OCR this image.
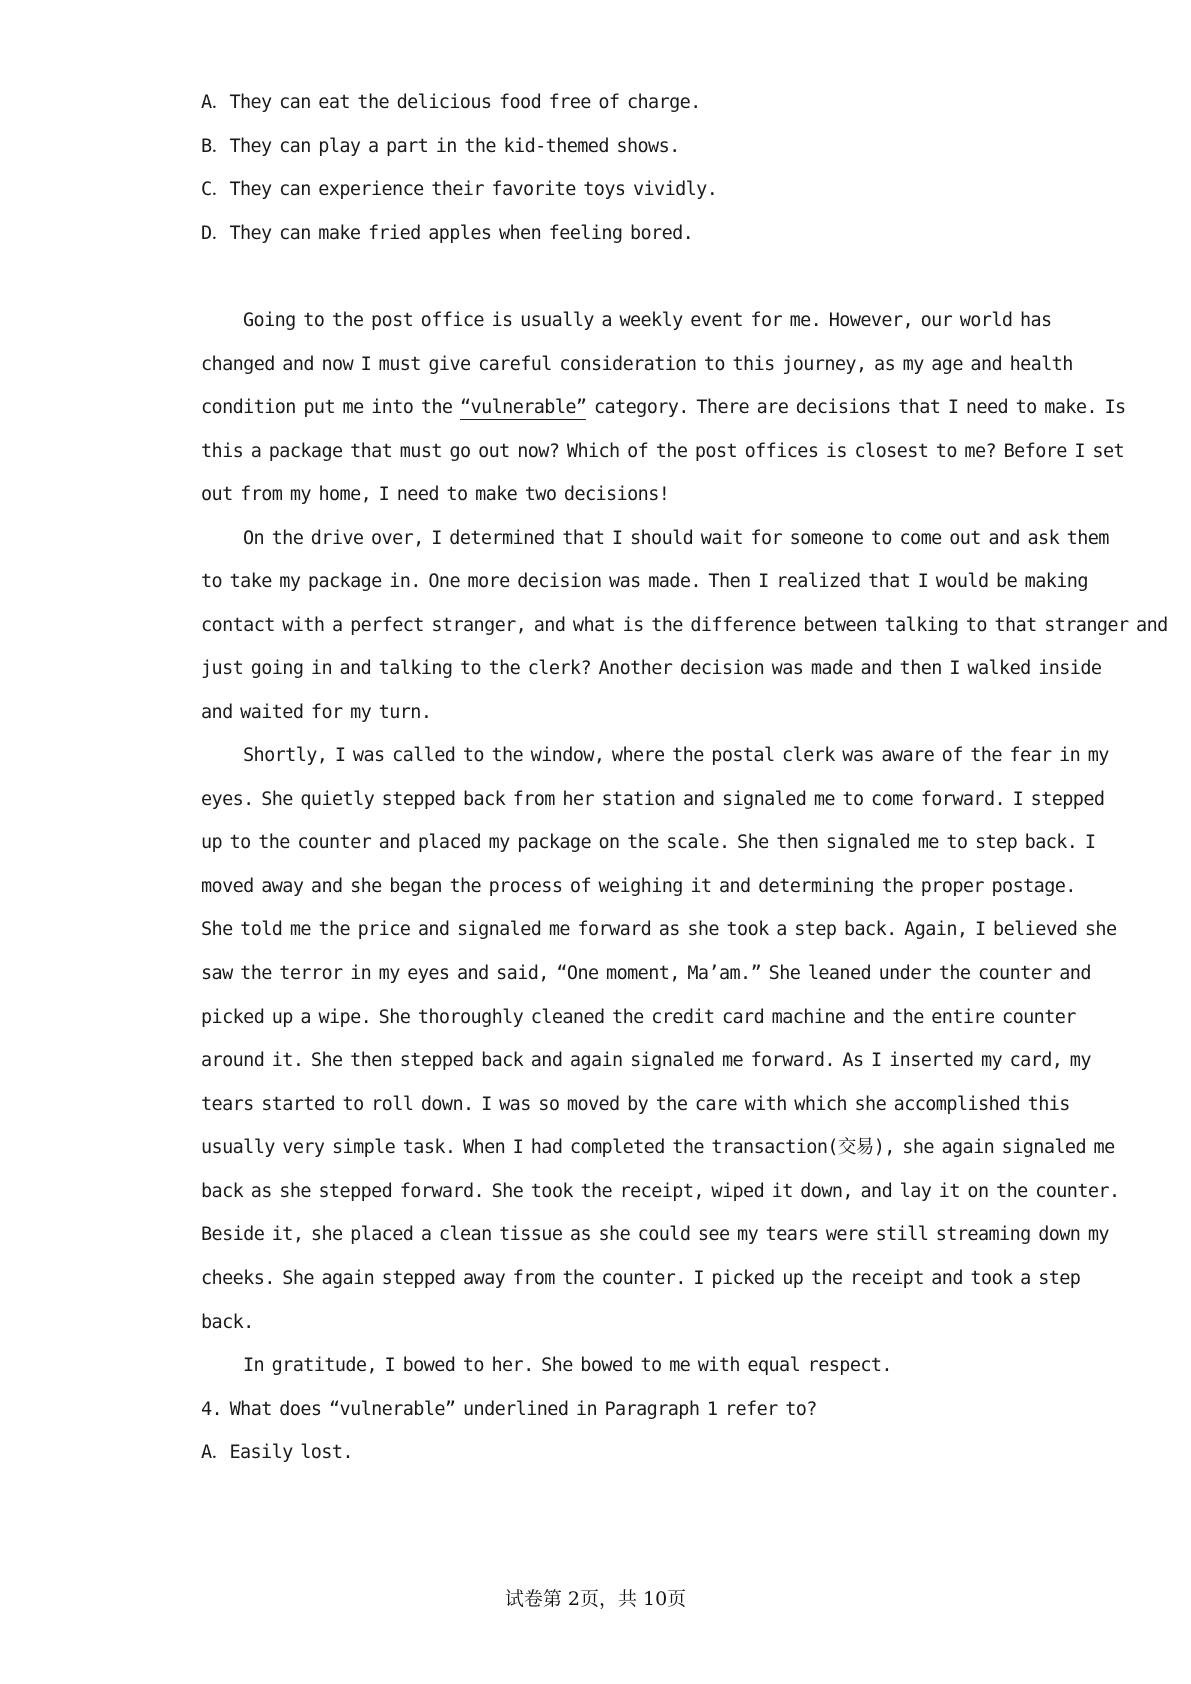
A．They can eat the delicious food free of charge.
B．They can play a part in the kid-themed shows.
C．They can experience their favorite toys vividly.
D．They can make fried apples when feeling bored.
Going to the post office is usually a weekly event for me. However, our world has
changed and now I must give careful consideration to this journey, as my age and health
condition put me into the “vulnerable” category. There are decisions that I need to make. Is
this a package that must go out now? Which of the post offices is closest to me? Before I set
out from my home, I need to make two decisions!
On the drive over, I determined that I should wait for someone to come out and ask them
to take my package in. One more decision was made. Then I realized that I would be making
contact with a perfect stranger, and what is the difference between talking to that stranger and
just going in and talking to the clerk? Another decision was made and then I walked inside
and waited for my turn.
Shortly, I was called to the window, where the postal clerk was aware of the fear in my
eyes. She quietly stepped back from her station and signaled me to come forward. I stepped
up to the counter and placed my package on the scale. She then signaled me to step back. I
moved away and she began the process of weighing it and determining the proper postage.
She told me the price and signaled me forward as she took a step back. Again, I believed she
saw the terror in my eyes and said, “One moment, Ma’am.” She leaned under the counter and
picked up a wipe. She thoroughly cleaned the credit card machine and the entire counter
around it. She then stepped back and again signaled me forward. As I inserted my card, my
tears started to roll down. I was so moved by the care with which she accomplished this
usually very simple task. When I had completed the transaction(交易), she again signaled me
back as she stepped forward. She took the receipt, wiped it down, and lay it on the counter.
Beside it, she placed a clean tissue as she could see my tears were still streaming down my
cheeks. She again stepped away from the counter. I picked up the receipt and took a step
back.
In gratitude, I bowed to her. She bowed to me with equal respect.
4. What does “vulnerable” underlined in Paragraph 1 refer to?
A．Easily lost.
试卷第 2页，共 10页
